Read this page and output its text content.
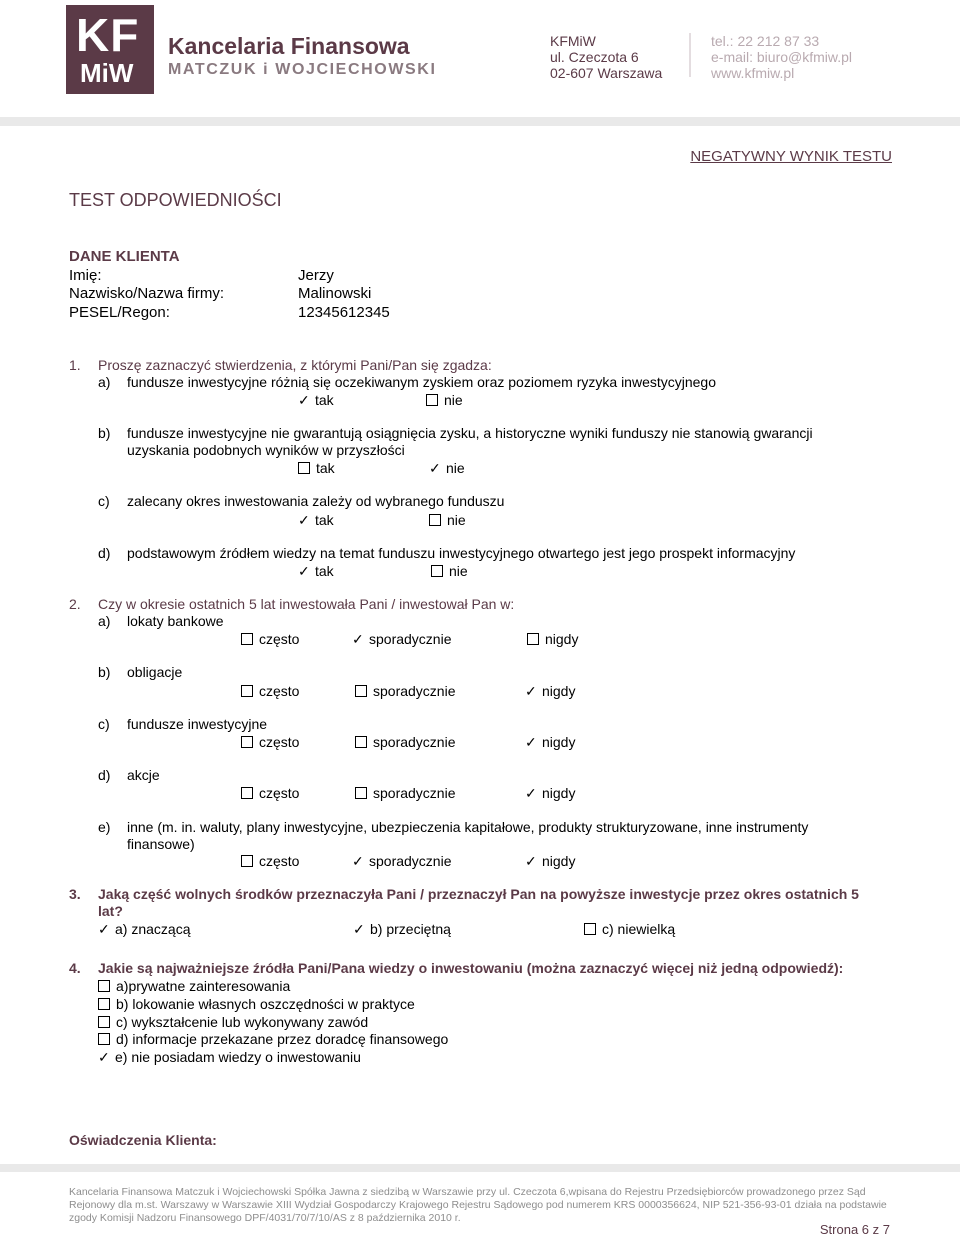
KF
MiW
Kancelaria Finansowa
MATCZUK i WOJCIECHOWSKI
KFMiW
ul. Czeczota 6
02-607 Warszawa
tel.: 22 212 87 33
e-mail: biuro@kfmiw.pl
www.kfmiw.pl
NEGATYWNY WYNIK TESTU
TEST ODPOWIEDNIOŚCI
DANE KLIENTA
Imię:	Jerzy
Nazwisko/Nazwa firmy:	Malinowski
PESEL/Regon:	12345612345
1. Proszę zaznaczyć stwierdzenia, z którymi Pani/Pan się zgadza:
a) fundusze inwestycyjne różnią się oczekiwanym zyskiem oraz poziomem ryzyka inwestycyjnego
✓ tak	nie
b) fundusze inwestycyjne nie gwarantują osiągnięcia zysku, a historyczne wyniki funduszy nie stanowią gwarancji
uzyskania podobnych wyników w przyszłości
tak	✓ nie
c) zalecany okres inwestowania zależy od wybranego funduszu
✓ tak	nie
d) podstawowym źródłem wiedzy na temat funduszu inwestycyjnego otwartego jest jego prospekt informacyjny
✓ tak	nie
2. Czy w okresie ostatnich 5 lat inwestowała Pani / inwestował Pan w:
a) lokaty bankowe
często	✓ sporadycznie	nigdy
b) obligacje
często	sporadycznie	✓ nigdy
c) fundusze inwestycyjne
często	sporadycznie	✓ nigdy
d) akcje
często	sporadycznie	✓ nigdy
e) inne (m. in. waluty, plany inwestycyjne, ubezpieczenia kapitałowe, produkty strukturyzowane, inne instrumenty
finansowe)
często	✓ sporadycznie	✓ nigdy
3. Jaką część wolnych środków przeznaczyła Pani / przeznaczył Pan na powyższe inwestycje przez okres ostatnich 5
lat?
✓ a) znaczącą	✓ b) przeciętną	c) niewielką
4. Jakie są najważniejsze źródła Pani/Pana wiedzy o inwestowaniu (można zaznaczyć więcej niż jedną odpowiedź):
a)prywatne zainteresowania
b) lokowanie własnych oszczędności w praktyce
c) wykształcenie lub wykonywany zawód
d) informacje przekazane przez doradcę finansowego
✓ e) nie posiadam wiedzy o inwestowaniu
Oświadczenia Klienta:
Kancelaria Finansowa Matczuk i Wojciechowski Spółka Jawna z siedzibą w Warszawie przy ul. Czeczota 6,wpisana do Rejestru Przedsiębiorców prowadzonego przez Sąd
Rejonowy dla m.st. Warszawy w Warszawie XIII Wydział Gospodarczy Krajowego Rejestru Sądowego pod numerem KRS 0000356624, NIP 521-356-93-01 działa na podstawie
zgody Komisji Nadzoru Finansowego DPF/4031/70/7/10/AS z 8 października 2010 r.
Strona 6 z 7
